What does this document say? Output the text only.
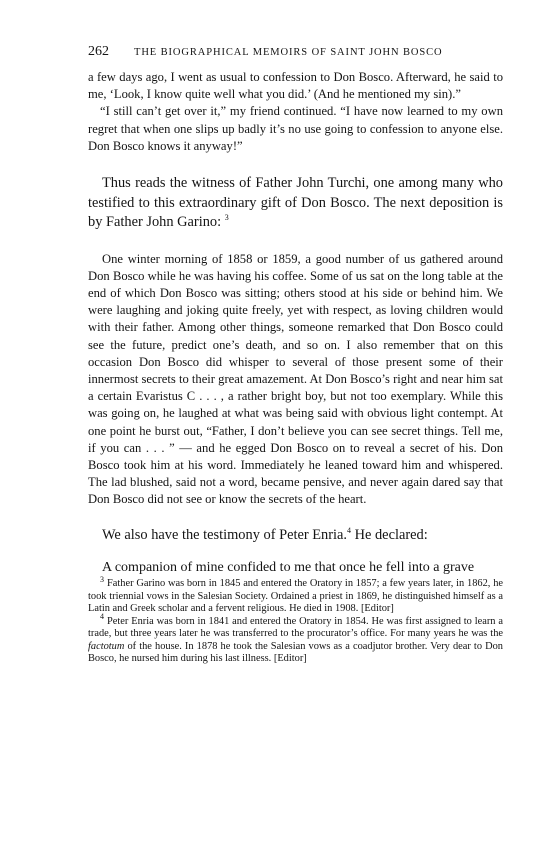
262	THE BIOGRAPHICAL MEMOIRS OF SAINT JOHN BOSCO

a few days ago, I went as usual to confession to Don Bosco. Afterward, he said to me, ‘Look, I know quite well what you did.’ (And he mentioned my sin).”

“I still can’t get over it,” my friend continued. “I have now learned to my own regret that when one slips up badly it’s no use going to confession to anyone else. Don Bosco knows it anyway!”

Thus reads the witness of Father John Turchi, one among many who testified to this extraordinary gift of Don Bosco. The next deposition is by Father John Garino: $^3$

One winter morning of 1858 or 1859, a good number of us gathered around Don Bosco while he was having his coffee. Some of us sat on the long table at the end of which Don Bosco was sitting; others stood at his side or behind him. We were laughing and joking quite freely, yet with respect, as loving children would with their father. Among other things, someone remarked that Don Bosco could see the future, predict one’s death, and so on. I also remember that on this occasion Don Bosco did whisper to several of those present some of their innermost secrets to their great amazement. At Don Bosco’s right and near him sat a certain Evaristus C . . . , a rather bright boy, but not too exemplary. While this was going on, he laughed at what was being said with obvious light contempt. At one point he burst out, “Father, I don’t believe you can see secret things. Tell me, if you can . . . ” — and he egged Don Bosco on to reveal a secret of his. Don Bosco took him at his word. Immediately he leaned toward him and whispered. The lad blushed, said not a word, became pensive, and never again dared say that Don Bosco did not see or know the secrets of the heart.

We also have the testimony of Peter Enria.$^4$ He declared:

A companion of mine confided to me that once he fell into a grave

$^3$ Father Garino was born in 1845 and entered the Oratory in 1857; a few years later, in 1862, he took triennial vows in the Salesian Society. Ordained a priest in 1869, he distinguished himself as a Latin and Greek scholar and a fervent religious. He died in 1908. [Editor]

$^4$ Peter Enria was born in 1841 and entered the Oratory in 1854. He was first assigned to learn a trade, but three years later he was transferred to the procurator’s office. For many years he was the factotum of the house. In 1878 he took the Salesian vows as a coadjutor brother. Very dear to Don Bosco, he nursed him during his last illness. [Editor]
